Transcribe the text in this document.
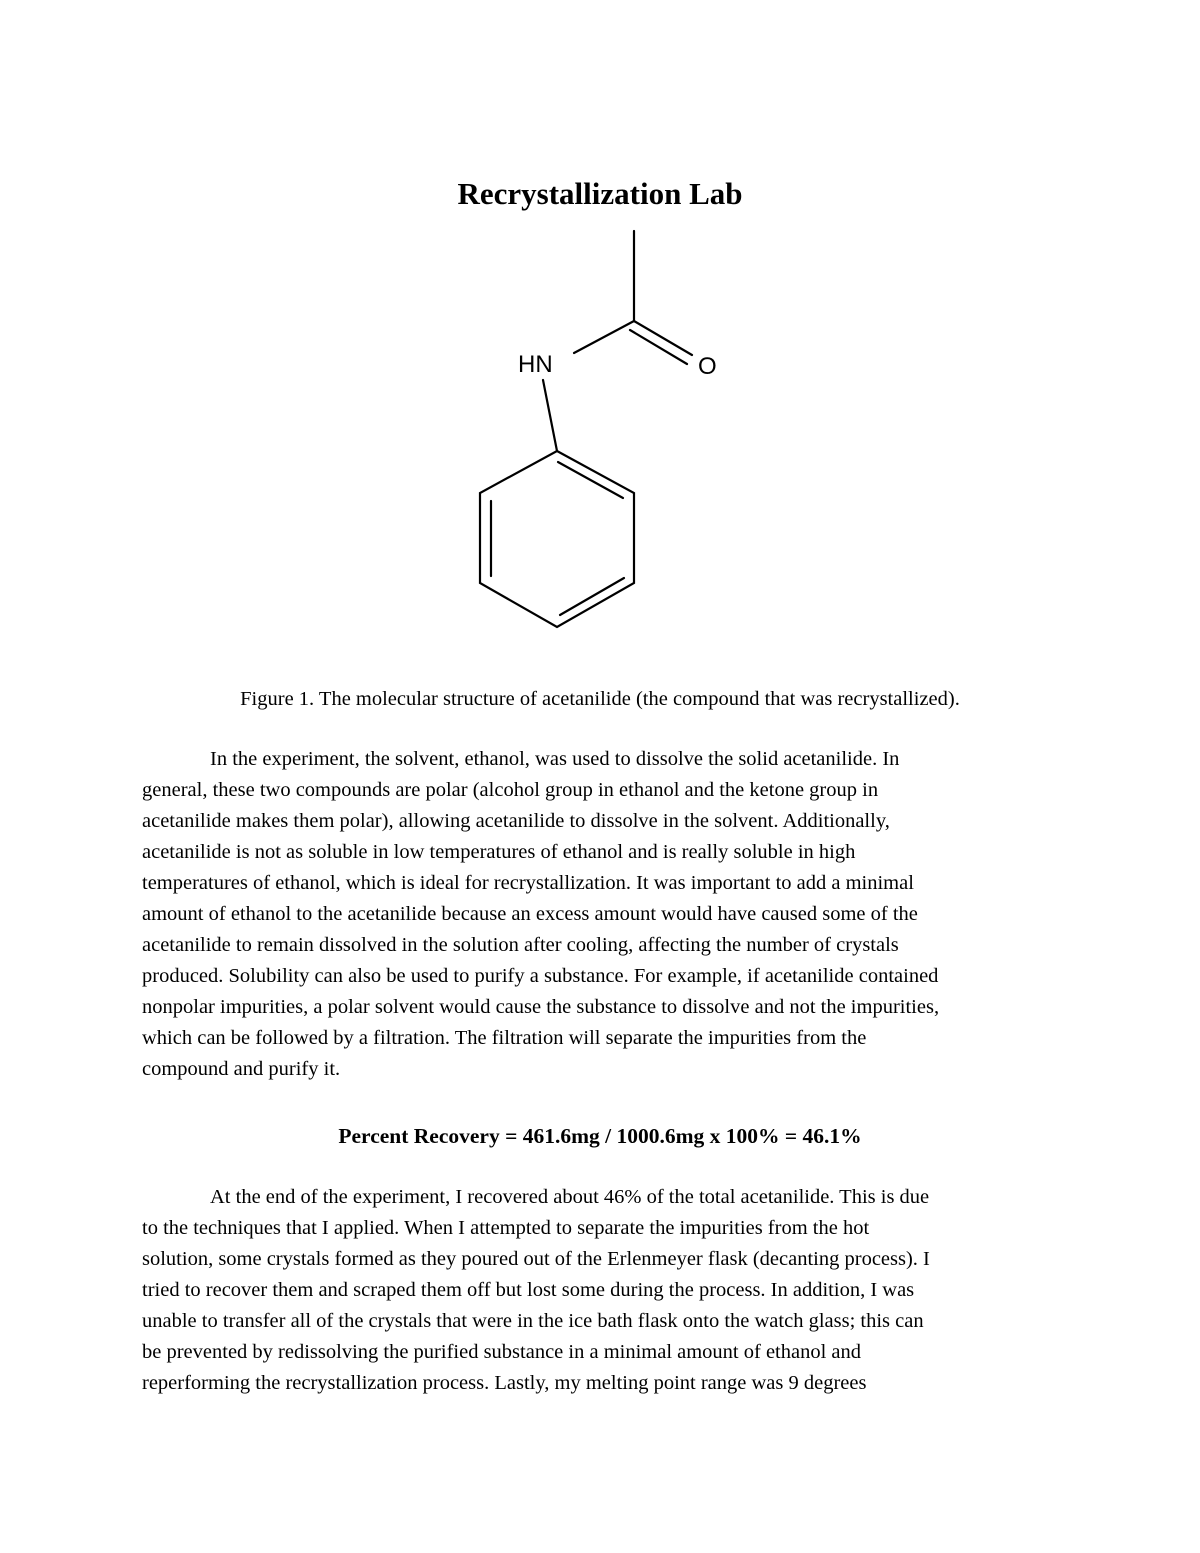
Recrystallization Lab
HN	O

Figure 1. The molecular structure of acetanilide (the compound that was recrystallized).

In the experiment, the solvent, ethanol, was used to dissolve the solid acetanilide. In
general, these two compounds are polar (alcohol group in ethanol and the ketone group in
acetanilide makes them polar), allowing acetanilide to dissolve in the solvent. Additionally,
acetanilide is not as soluble in low temperatures of ethanol and is really soluble in high
temperatures of ethanol, which is ideal for recrystallization. It was important to add a minimal
amount of ethanol to the acetanilide because an excess amount would have caused some of the
acetanilide to remain dissolved in the solution after cooling, affecting the number of crystals
produced. Solubility can also be used to purify a substance. For example, if acetanilide contained
nonpolar impurities, a polar solvent would cause the substance to dissolve and not the impurities,
which can be followed by a filtration. The filtration will separate the impurities from the
compound and purify it.

Percent Recovery = 461.6mg / 1000.6mg x 100% = 46.1%

At the end of the experiment, I recovered about 46% of the total acetanilide. This is due
to the techniques that I applied. When I attempted to separate the impurities from the hot
solution, some crystals formed as they poured out of the Erlenmeyer flask (decanting process). I
tried to recover them and scraped them off but lost some during the process. In addition, I was
unable to transfer all of the crystals that were in the ice bath flask onto the watch glass; this can
be prevented by redissolving the purified substance in a minimal amount of ethanol and
reperforming the recrystallization process. Lastly, my melting point range was 9 degrees
